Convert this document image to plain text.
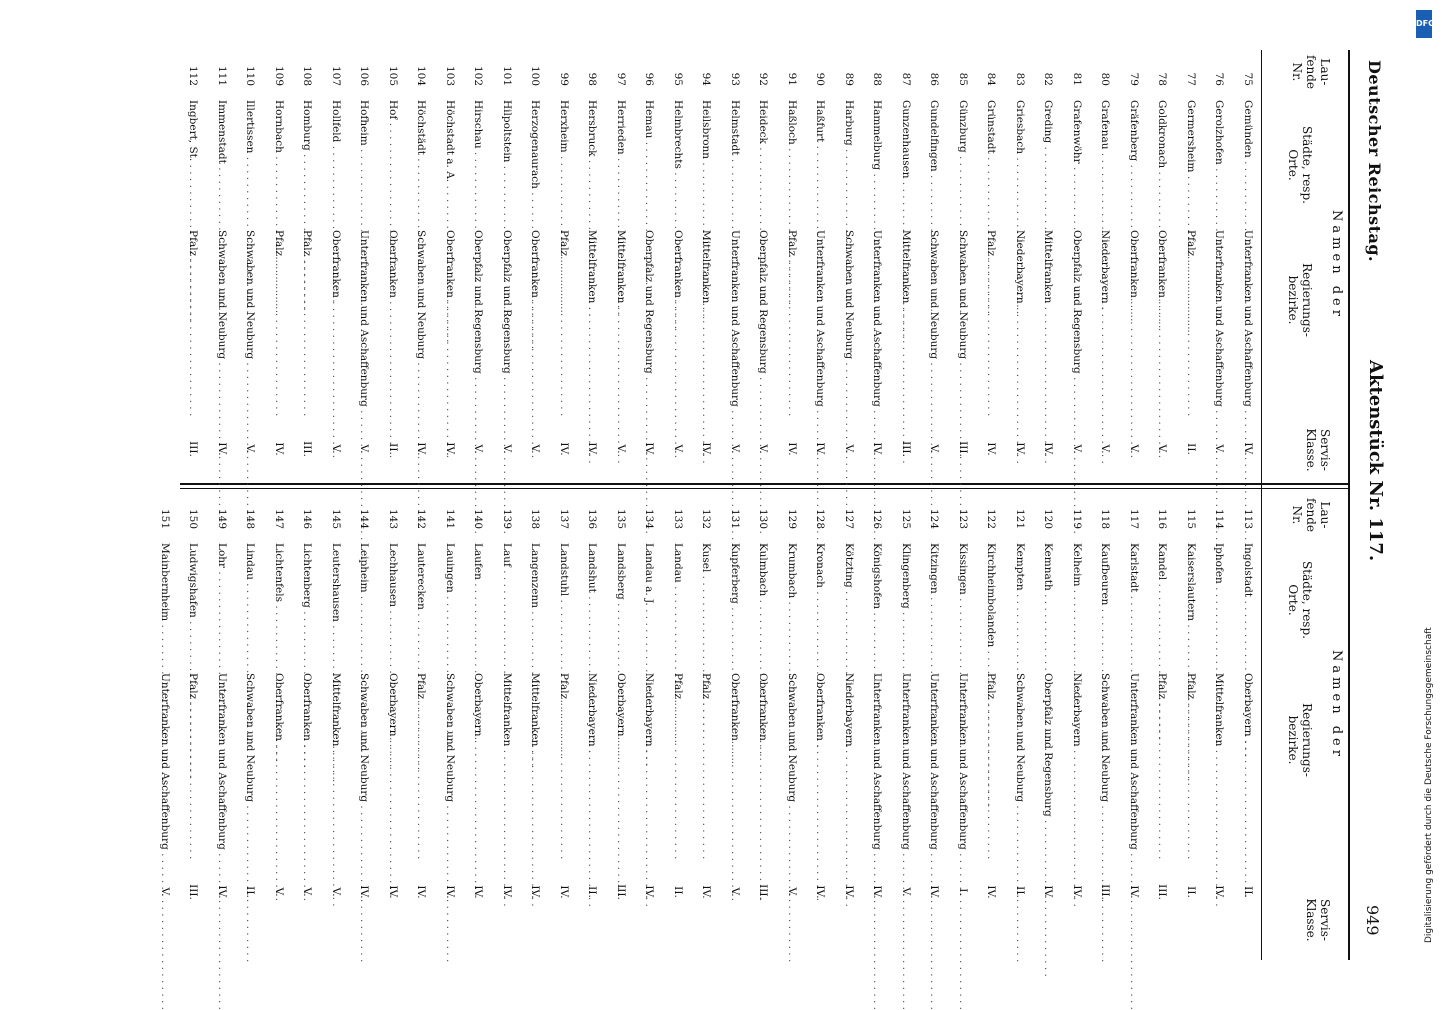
Deutscher Reichstag.
Aktenstück Nr. 117.
949
Lau-fende Nr.
Namen der
Städte, resp. Orte.
Regierungs-bezirke.
Servis-Klasse.
Lau-fende Nr.
Namen der
Städte, resp. Orte.
Regierungs-bezirke.
Servis-Klasse.
75
Gemünden . . .
Unterfranken und Aschaffenburg . . .
IV.
76
Gerolzhofen . . .
Unterfranken und Aschaffenburg . . .
V.
77
Germersheim . . .
Pfalz . . .
II.
78
Goldkronach . . .
Oberfranken . . .
V.
79
Gräfenberg . . .
Oberfranken . . .
V.
80
Grafenau . . .
Niederbayern . . .
V.
81
Grafenwöhr . . .
Oberpfalz und Regensburg . . .
V.
82
Greding . . .
Mittelfranken . . .
IV.
83
Griesbach . . .
Niederbayern . . .
IV.
84
Grünstadt . . .
Pfalz . . .
IV.
85
Günzburg . . .
Schwaben und Neuburg . . .
III.
86
Gundelfingen . . .
Schwaben und Neuburg . . .
V.
87
Gunzenhausen . . .
Mittelfranken . . .
III.
88
Hammelburg . . .
Unterfranken und Aschaffenburg . . .
IV.
89
Harburg . . .
Schwaben und Neuburg . . .
V.
90
Haßfurt . . .
Unterfranken und Aschaffenburg . . .
IV.
91
Haßloch . . .
Pfalz . . .
IV.
92
Heideck . . .
Oberpfalz und Regensburg . . .
V.
93
Helmstadt . . .
Unterfranken und Aschaffenburg . . .
V.
94
Heilsbronn . . .
Mittelfranken . . .
IV.
95
Helmbrechts . . .
Oberfranken . . .
V.
96
Hemau . . .
Oberpfalz und Regensburg . . .
IV.
97
Herrieden . . .
Mittelfranken . . .
V.
98
Hersbruck . . .
Mittelfranken . . .
IV.
99
Herxheim . . .
Pfalz . . .
IV.
100
Herzogenaurach . . .
Oberfranken . . .
V.
101
Hilpoltstein . . .
Oberpfalz und Regensburg . . .
V.
102
Hirschau . . .
Oberpfalz und Regensburg . . .
V.
103
Höchstadt a. A. . . .
Oberfranken . . .
IV.
104
Höchstädt . . .
Schwaben und Neuburg . . .
IV.
105
Hof . . .
Oberfranken . . .
II.
106
Hofheim . . .
Unterfranken und Aschaffenburg . . .
V.
107
Hollfeld . . .
Oberfranken . . .
V.
108
Homburg . . .
Pfalz . . .
III.
109
Hornbach . . .
Pfalz . . .
IV.
110
Illertissen . . .
Schwaben und Neuburg . . .
V.
111
Immenstadt . . .
Schwaben und Neuburg . . .
IV.
112
Ingbert, St. . . .
Pfalz . . .
III.
113
Ingolstadt . . .
Oberbayern . . .
II.
114
Iphofen . . .
Mittelfranken . . .
IV.
115
Kaiserslautern . . .
Pfalz . . .
II.
116
Kandel . . .
Pfalz . . .
III.
117
Karlstadt . . .
Unterfranken und Aschaffenburg . . .
IV.
118
Kaufbeuren . . .
Schwaben und Neuburg . . .
III.
119
Kelheim . . .
Niederbayern . . .
IV.
120
Kemnath . . .
Oberpfalz und Regensburg . . .
IV.
121
Kempten . . .
Schwaben und Neuburg . . .
II.
122
Kirchheimbolanden . . .
Pfalz . . .
IV.
123
Kissingen . . .
Unterfranken und Aschaffenburg . . .
I.
124
Kitzingen . . .
Unterfranken und Aschaffenburg . . .
IV.
125
Klingenberg . . .
Unterfranken und Aschaffenburg . . .
V.
126
Königshofen . . .
Unterfranken und Aschaffenburg . . .
IV.
127
Kötzting . . .
Niederbayern . . .
IV.
128
Kronach . . .
Oberfranken . . .
IV.
129
Krumbach . . .
Schwaben und Neuburg . . .
V.
130
Kulmbach . . .
Oberfranken . . .
III.
131
Kupferberg . . .
Oberfranken . . .
V.
132
Kusel . . .
Pfalz . . .
IV.
133
Landau . . .
Pfalz . . .
II.
134
Landau a. J. . . .
Niederbayern . . .
IV.
135
Landsberg . . .
Oberbayern . . .
III.
136
Landshut . . .
Niederbayern . . .
II.
137
Landstuhl . . .
Pfalz . . .
IV.
138
Langenzenn . . .
Mittelfranken . . .
IV.
139
Lauf . . .
Mittelfranken . . .
IV.
140
Laufen . . .
Oberbayern . . .
IV.
141
Lauingen . . .
Schwaben und Neuburg . . .
IV.
142
Lauterecken . . .
Pfalz . . .
IV.
143
Lechhausen . . .
Oberbayern . . .
IV.
144
Leipheim . . .
Schwaben und Neuburg . . .
IV.
145
Leutershausen . . .
Mittelfranken . . .
V.
146
Lichtenberg . . .
Oberfranken . . .
V.
147
Lichtenfels . . .
Oberfranken . . .
V.
148
Lindau . . .
Schwaben und Neuburg . . .
II.
149
Lohr . . .
Unterfranken und Aschaffenburg . . .
IV.
150
Ludwigshafen . . .
Pfalz . . .
III.
151
Mainbernheim . . .
Unterfranken und Aschaffenburg . . .
V.
DFG
Digitalisierung gefördert durch die Deutsche Forschungsgemeinschaft
